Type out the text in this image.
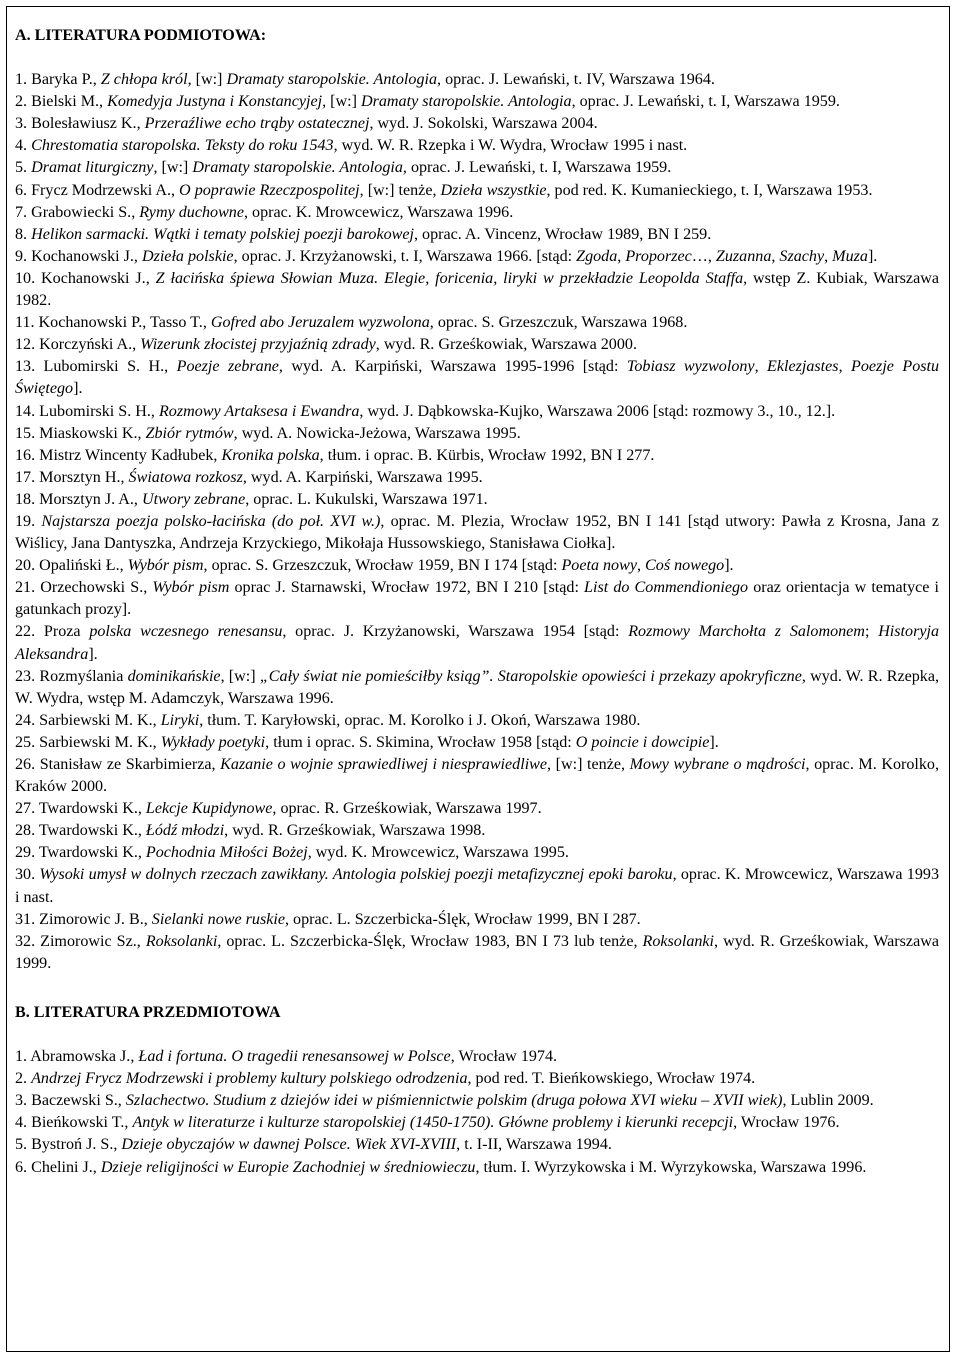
A. LITERATURA PODMIOTOWA:

1. Baryka P., Z chłopa król, [w:] Dramaty staropolskie. Antologia, oprac. J. Lewański, t. IV, Warszawa 1964.

2. Bielski M., Komedyja Justyna i Konstancyjej, [w:] Dramaty staropolskie. Antologia, oprac. J. Lewański, t. I, Warszawa 1959.

3. Bolesławiusz K., Przeraźliwe echo trąby ostatecznej, wyd. J. Sokolski, Warszawa 2004.

4. Chrestomatia staropolska. Teksty do roku 1543, wyd. W. R. Rzepka i W. Wydra, Wrocław 1995 i nast.

5. Dramat liturgiczny, [w:] Dramaty staropolskie. Antologia, oprac. J. Lewański, t. I, Warszawa 1959.

6. Frycz Modrzewski A., O poprawie Rzeczpospolitej, [w:] tenże, Dzieła wszystkie, pod red. K. Kumanieckiego, t. I, Warszawa 1953.

7. Grabowiecki S., Rymy duchowne, oprac. K. Mrowcewicz, Warszawa 1996.

8. Helikon sarmacki. Wątki i tematy polskiej poezji barokowej, oprac. A. Vincenz, Wrocław 1989, BN I 259.

9. Kochanowski J., Dzieła polskie, oprac. J. Krzyżanowski, t. I, Warszawa 1966. [stąd: Zgoda, Proporzec…, Zuzanna, Szachy, Muza].

10. Kochanowski J., Z łacińska śpiewa Słowian Muza. Elegie, foricenia, liryki w przekładzie Leopolda Staffa, wstęp Z. Kubiak, Warszawa 1982.

11. Kochanowski P., Tasso T., Gofred abo Jeruzalem wyzwolona, oprac. S. Grzeszczuk, Warszawa 1968.

12. Korczyński A., Wizerunk złocistej przyjaźnią zdrady, wyd. R. Grześkowiak, Warszawa 2000.

13. Lubomirski S. H., Poezje zebrane, wyd. A. Karpiński, Warszawa 1995-1996 [stąd: Tobiasz wyzwolony, Eklezjastes, Poezje Postu Świętego].

14. Lubomirski S. H., Rozmowy Artaksesa i Ewandra, wyd. J. Dąbkowska-Kujko, Warszawa 2006 [stąd: rozmowy 3., 10., 12.].

15. Miaskowski K., Zbiór rytmów, wyd. A. Nowicka-Jeżowa, Warszawa 1995.

16. Mistrz Wincenty Kadłubek, Kronika polska, tłum. i oprac. B. Kürbis, Wrocław 1992, BN I 277.

17. Morsztyn H., Światowa rozkosz, wyd. A. Karpiński, Warszawa 1995.

18. Morsztyn J. A., Utwory zebrane, oprac. L. Kukulski, Warszawa 1971.

19. Najstarsza poezja polsko-łacińska (do poł. XVI w.), oprac. M. Plezia, Wrocław 1952, BN I 141 [stąd utwory: Pawła z Krosna, Jana z Wiślicy, Jana Dantyszka, Andrzeja Krzyckiego, Mikołaja Hussowskiego, Stanisława Ciołka].

20. Opaliński Ł., Wybór pism, oprac. S. Grzeszczuk, Wrocław 1959, BN I 174 [stąd: Poeta nowy, Coś nowego].

21. Orzechowski S., Wybór pism oprac J. Starnawski, Wrocław 1972, BN I 210 [stąd: List do Commendioniego oraz orientacja w tematyce i gatunkach prozy].

22. Proza polska wczesnego renesansu, oprac. J. Krzyżanowski, Warszawa 1954 [stąd: Rozmowy Marchołta z Salomonem; Historyja Aleksandra].

23. Rozmyślania dominikańskie, [w:] „Cały świat nie pomieściłby ksiąg”. Staropolskie opowieści i przekazy apokryficzne, wyd. W. R. Rzepka, W. Wydra, wstęp M. Adamczyk, Warszawa 1996.

24. Sarbiewski M. K., Liryki, tłum. T. Karyłowski, oprac. M. Korolko i J. Okoń, Warszawa 1980.

25. Sarbiewski M. K., Wykłady poetyki, tłum i oprac. S. Skimina, Wrocław 1958 [stąd: O poincie i dowcipie].

26. Stanisław ze Skarbimierza, Kazanie o wojnie sprawiedliwej i niesprawiedliwe, [w:] tenże, Mowy wybrane o mądrości, oprac. M. Korolko, Kraków 2000.

27. Twardowski K., Lekcje Kupidynowe, oprac. R. Grześkowiak, Warszawa 1997.

28. Twardowski K., Łódź młodzi, wyd. R. Grześkowiak, Warszawa 1998.

29. Twardowski K., Pochodnia Miłości Bożej, wyd. K. Mrowcewicz, Warszawa 1995.

30. Wysoki umysł w dolnych rzeczach zawikłany. Antologia polskiej poezji metafizycznej epoki baroku, oprac. K. Mrowcewicz, Warszawa 1993 i nast.

31. Zimorowic J. B., Sielanki nowe ruskie, oprac. L. Szczerbicka-Ślęk, Wrocław 1999, BN I 287.

32. Zimorowic Sz., Roksolanki, oprac. L. Szczerbicka-Ślęk, Wrocław 1983, BN I 73 lub tenże, Roksolanki, wyd. R. Grześkowiak, Warszawa 1999.

B. LITERATURA PRZEDMIOTOWA

1. Abramowska J., Ład i fortuna. O tragedii renesansowej w Polsce, Wrocław 1974.

2. Andrzej Frycz Modrzewski i problemy kultury polskiego odrodzenia, pod red. T. Bieńkowskiego, Wrocław 1974.

3. Baczewski S., Szlachectwo. Studium z dziejów idei w piśmiennictwie polskim (druga połowa XVI wieku – XVII wiek), Lublin 2009.

4. Bieńkowski T., Antyk w literaturze i kulturze staropolskiej (1450-1750). Główne problemy i kierunki recepcji, Wrocław 1976.

5. Bystroń J. S., Dzieje obyczajów w dawnej Polsce. Wiek XVI-XVIII, t. I-II, Warszawa 1994.

6. Chelini J., Dzieje religijności w Europie Zachodniej w średniowieczu, tłum. I. Wyrzykowska i M. Wyrzykowska, Warszawa 1996.
